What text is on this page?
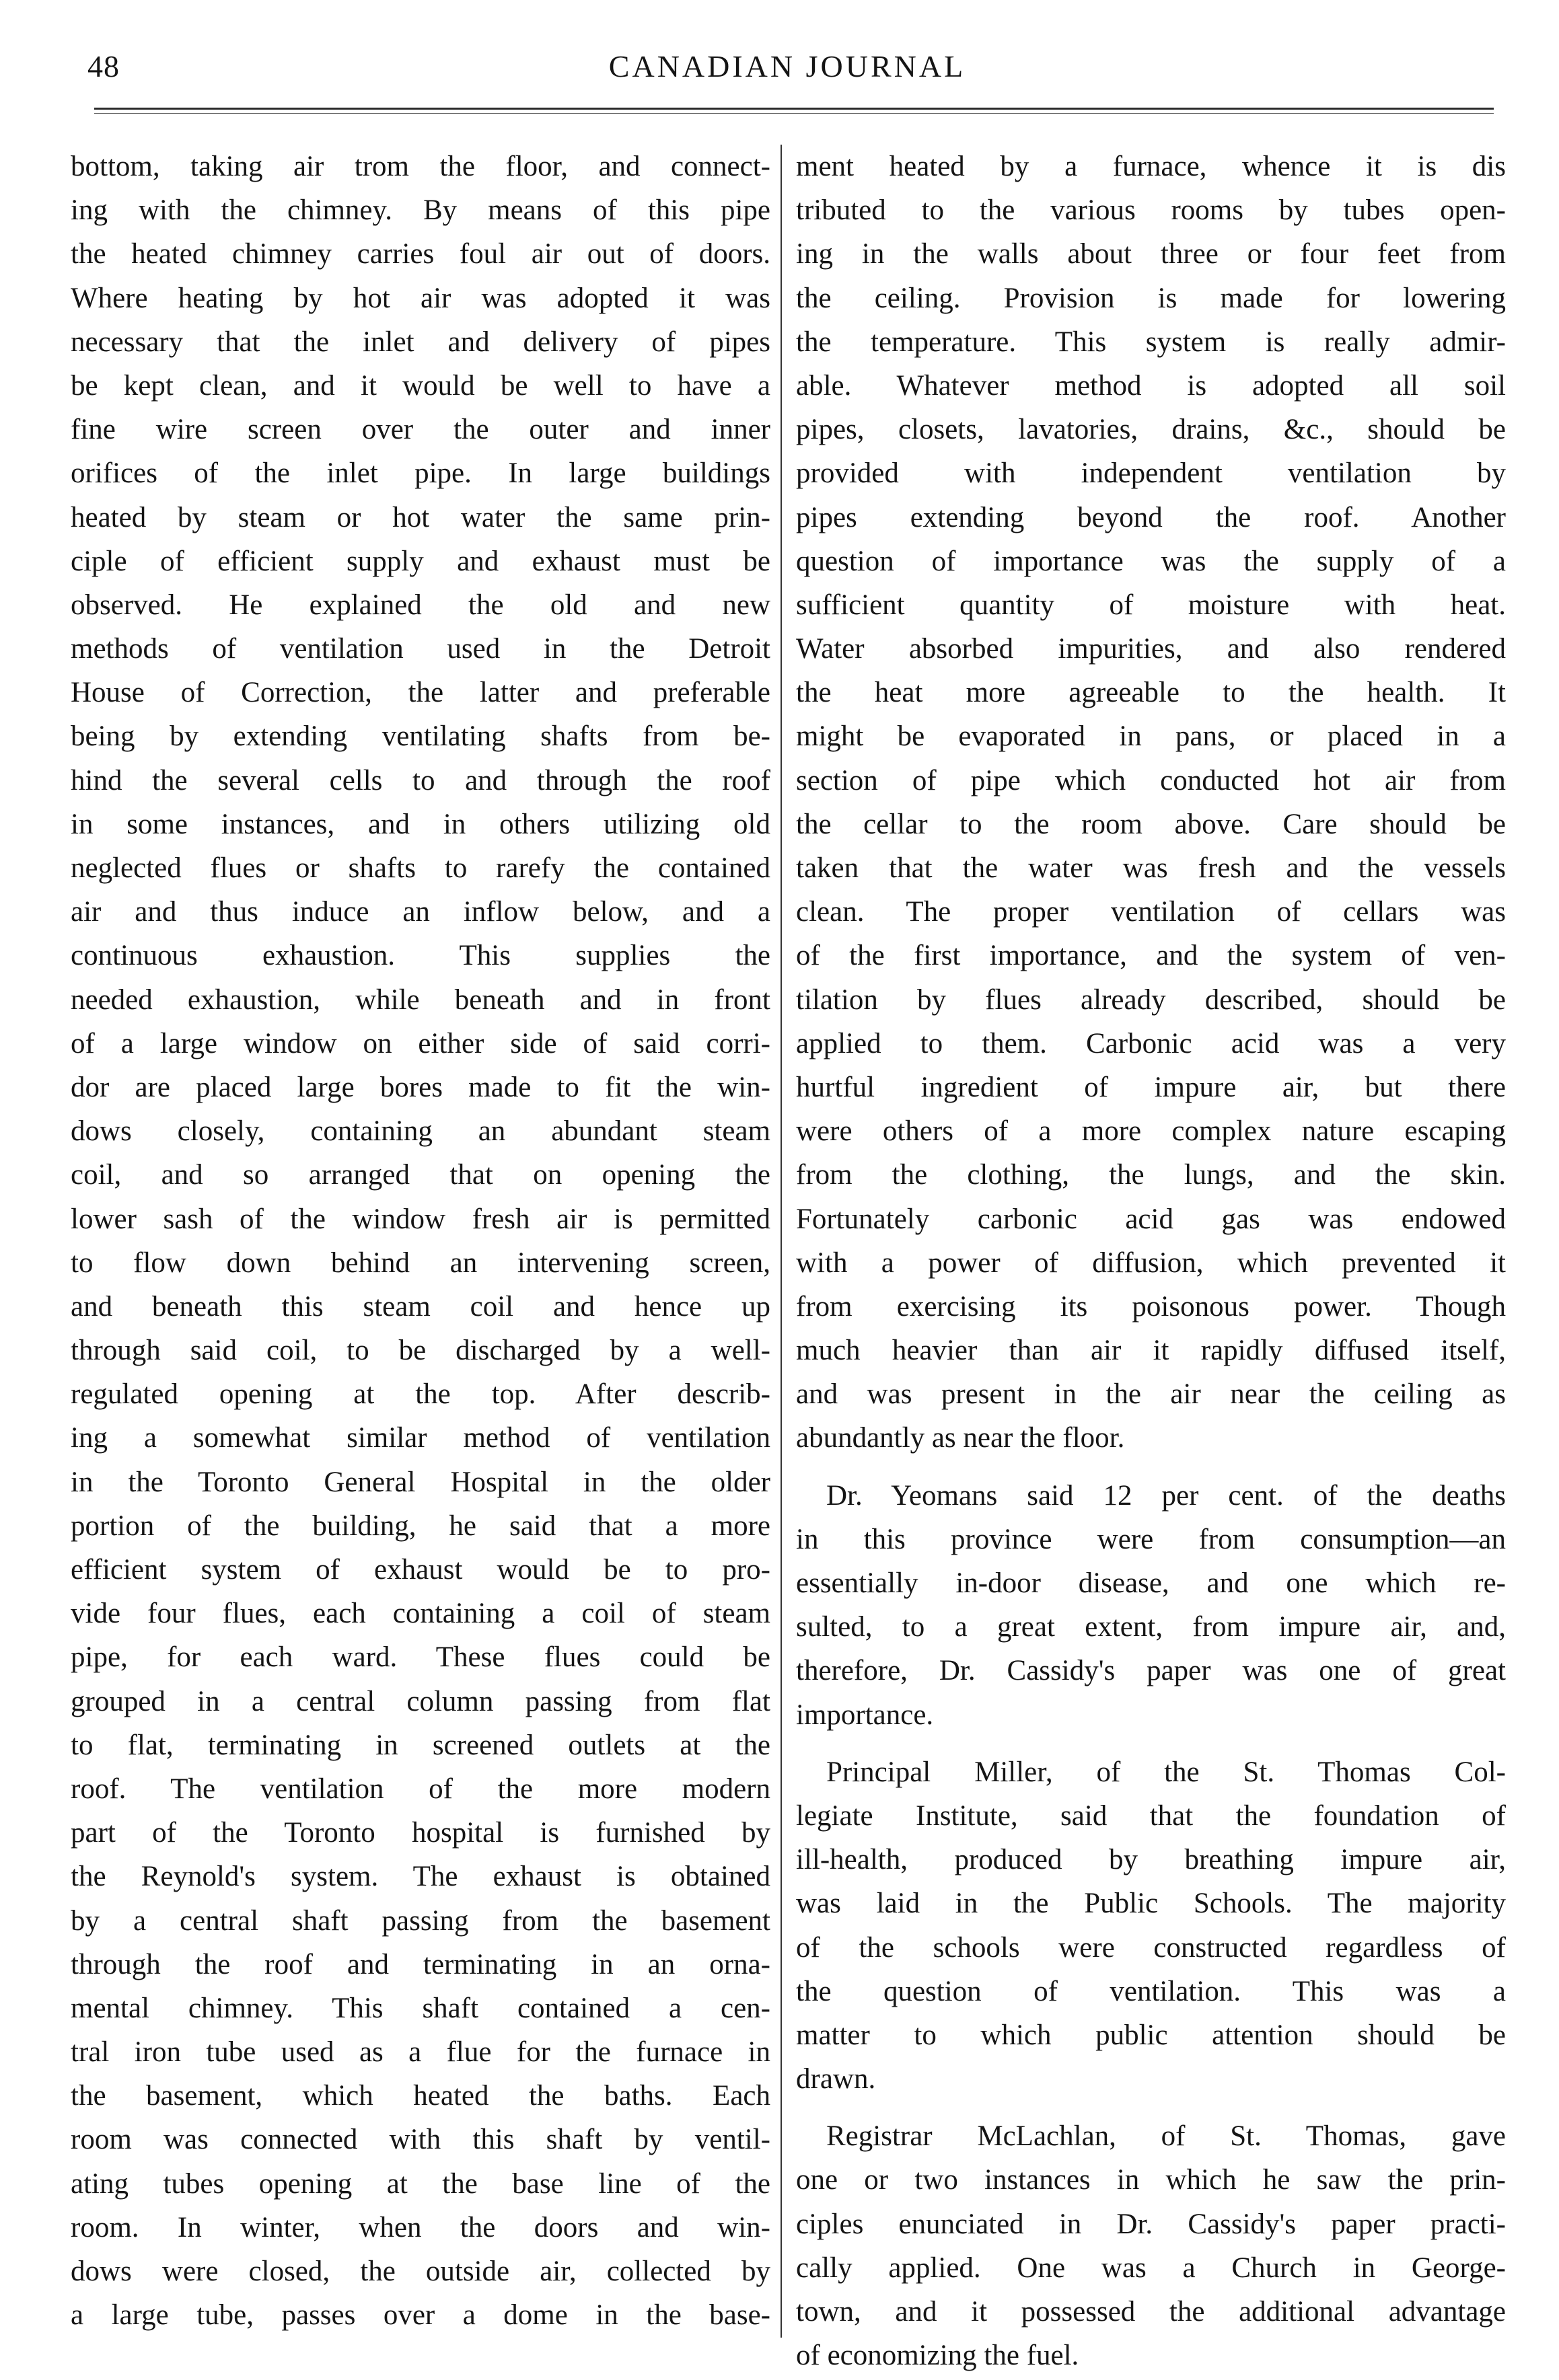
48	CANADIAN JOURNAL
bottom, taking air trom the floor, and connect-
ing with the chimney. By means of this pipe
the heated chimney carries foul air out of doors.
Where heating by hot air was adopted it was
necessary that the inlet and delivery of pipes
be kept clean, and it would be well to have a
fine wire screen over the outer and inner
orifices of the inlet pipe. In large buildings
heated by steam or hot water the same prin-
ciple of efficient supply and exhaust must be
observed. He explained the old and new
methods of ventilation used in the Detroit
House of Correction, the latter and preferable
being by extending ventilating shafts from be-
hind the several cells to and through the roof
in some instances, and in others utilizing old
neglected flues or shafts to rarefy the contained
air and thus induce an inflow below, and a
continuous exhaustion. This supplies the
needed exhaustion, while beneath and in front
of a large window on either side of said corri-
dor are placed large bores made to fit the win-
dows closely, containing an abundant steam
coil, and so arranged that on opening the
lower sash of the window fresh air is permitted
to flow down behind an intervening screen,
and beneath this steam coil and hence up
through said coil, to be discharged by a well-
regulated opening at the top. After describ-
ing a somewhat similar method of ventilation
in the Toronto General Hospital in the older
portion of the building, he said that a more
efficient system of exhaust would be to pro-
vide four flues, each containing a coil of steam
pipe, for each ward. These flues could be
grouped in a central column passing from flat
to flat, terminating in screened outlets at the
roof. The ventilation of the more modern
part of the Toronto hospital is furnished by
the Reynold's system. The exhaust is obtained
by a central shaft passing from the basement
through the roof and terminating in an orna-
mental chimney. This shaft contained a cen-
tral iron tube used as a flue for the furnace in
the basement, which heated the baths. Each
room was connected with this shaft by ventil-
ating tubes opening at the base line of the
room. In winter, when the doors and win-
dows were closed, the outside air, collected by
a large tube, passes over a dome in the base-
ment heated by a furnace, whence it is dis
tributed to the various rooms by tubes open-
ing in the walls about three or four feet from
the ceiling. Provision is made for lowering
the temperature. This system is really admir-
able. Whatever method is adopted all soil
pipes, closets, lavatories, drains, &c., should be
provided with independent ventilation by
pipes extending beyond the roof. Another
question of importance was the supply of a
sufficient quantity of moisture with heat.
Water absorbed impurities, and also rendered
the heat more agreeable to the health. It
might be evaporated in pans, or placed in a
section of pipe which conducted hot air from
the cellar to the room above. Care should be
taken that the water was fresh and the vessels
clean. The proper ventilation of cellars was
of the first importance, and the system of ven-
tilation by flues already described, should be
applied to them. Carbonic acid was a very
hurtful ingredient of impure air, but there
were others of a more complex nature escaping
from the clothing, the lungs, and the skin.
Fortunately carbonic acid gas was endowed
with a power of diffusion, which prevented it
from exercising its poisonous power. Though
much heavier than air it rapidly diffused itself,
and was present in the air near the ceiling as
abundantly as near the floor.
Dr. Yeomans said 12 per cent. of the deaths
in this province were from consumption—an
essentially in-door disease, and one which re-
sulted, to a great extent, from impure air, and,
therefore, Dr. Cassidy's paper was one of great
importance.
Principal Miller, of the St. Thomas Col-
legiate Institute, said that the foundation of
ill-health, produced by breathing impure air,
was laid in the Public Schools. The majority
of the schools were constructed regardless of
the question of ventilation. This was a
matter to which public attention should be
drawn.
Registrar McLachlan, of St. Thomas, gave
one or two instances in which he saw the prin-
ciples enunciated in Dr. Cassidy's paper practi-
cally applied. One was a Church in George-
town, and it possessed the additional advantage
of economizing the fuel.
